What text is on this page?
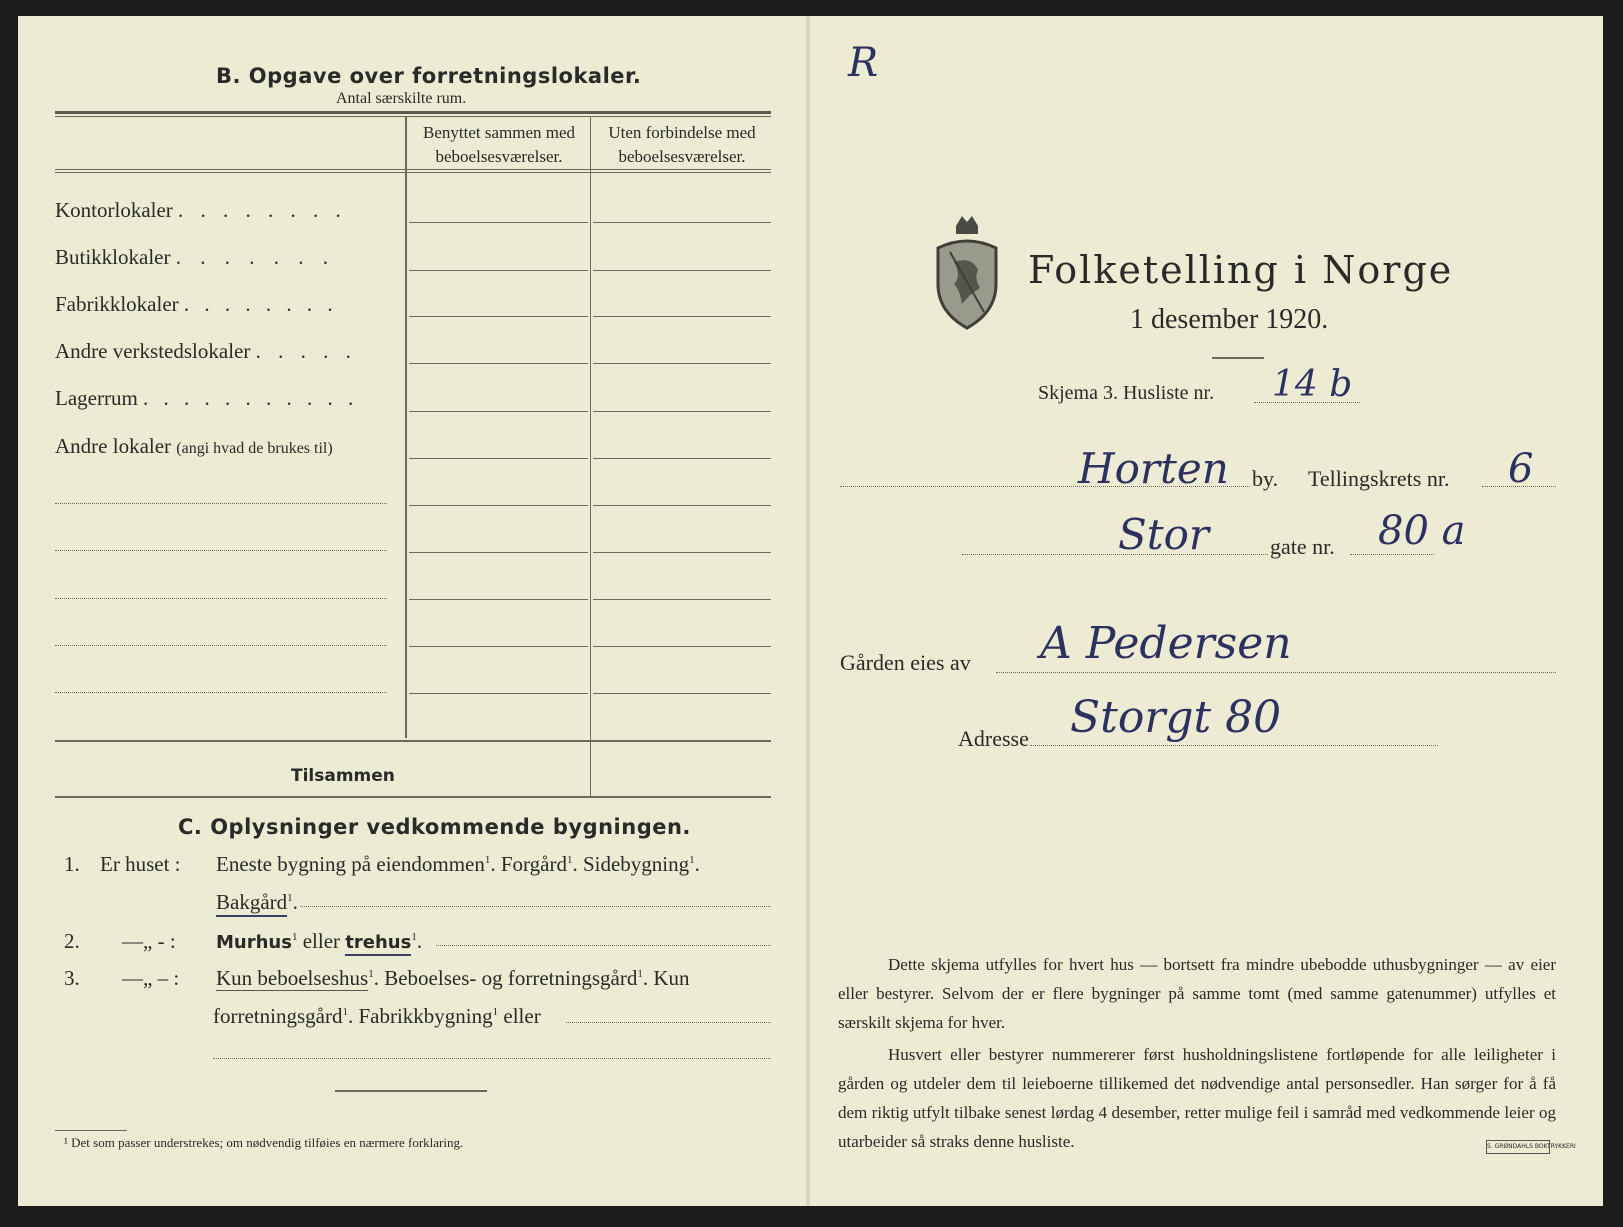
B. Opgave over forretningslokaler.
Antal særskilte rum.
Benyttet sammen med beboelsesværelser.
Uten forbindelse med beboelsesværelser.
Kontorlokaler . . . . . . . .
Butikklokaler . . . . . . .
Fabrikklokaler . . . . . . . .
Andre verkstedslokaler . . . . .
Lagerrum . . . . . . . . . . .
Andre lokaler (angi hvad de brukes til)
Tilsammen
C. Oplysninger vedkommende bygningen.
1. Er huset : Eneste bygning på eiendommen$^1$. Forgård$^1$. Sidebygning$^1$.
Bakgård$^1$.
2. —„ - : Murhus$^1$ eller trehus$^1$.
3. —„ – : Kun beboelseshus$^1$. Beboelses- og forretningsgård$^1$. Kun
forretningsgård$^1$. Fabrikkbygning$^1$ eller
¹ Det som passer understrekes; om nødvendig tilføies en nærmere forklaring.
R
Folketelling i Norge
1 desember 1920.
Skjema 3. Husliste nr. 14 b
Horten by. Tellingskrets nr. 6
Stor	gate nr. 80 a
Gården eies av A Pedersen
Adresse Storgt 80
Dette skjema utfylles for hvert hus — bortsett fra mindre ubebodde uthusbygninger — av eier eller bestyrer. Selvom der er flere bygninger på samme tomt (med samme gatenummer) utfylles et særskilt skjema for hver.
Husvert eller bestyrer nummererer først husholdningslistene fortløpende for alle leiligheter i gården og utdeler dem til leieboerne tillikemed det nødvendige antal personsedler. Han sørger for å få dem riktig utfylt tilbake senest lørdag 4 desember, retter mulige feil i samråd med vedkommende leier og utarbeider så straks denne husliste.	S. GRØNDAHLS BOKTRYKKERI
